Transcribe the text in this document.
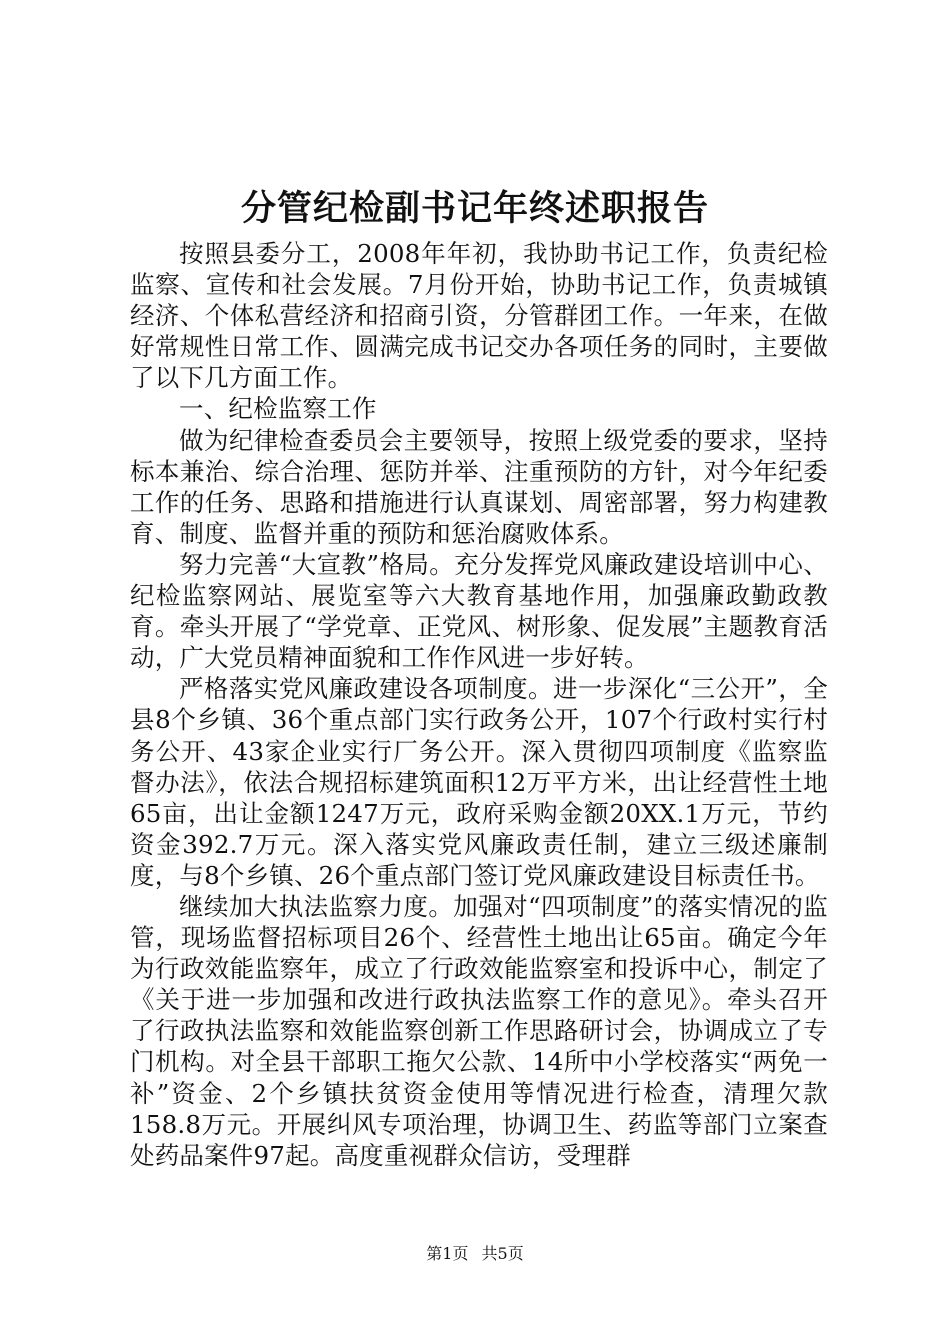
分管纪检副书记年终述职报告

按照县委分工，2008年年初，我协助书记工作，负责纪检监察、宣传和社会发展。7月份开始，协助书记工作，负责城镇经济、个体私营经济和招商引资，分管群团工作。一年来，在做好常规性日常工作、圆满完成书记交办各项任务的同时，主要做了以下几方面工作。

一、纪检监察工作

做为纪律检查委员会主要领导，按照上级党委的要求，坚持标本兼治、综合治理、惩防并举、注重预防的方针，对今年纪委工作的任务、思路和措施进行认真谋划、周密部署，努力构建教育、制度、监督并重的预防和惩治腐败体系。

努力完善“大宣教”格局。充分发挥党风廉政建设培训中心、纪检监察网站、展览室等六大教育基地作用，加强廉政勤政教育。牵头开展了“学党章、正党风、树形象、促发展”主题教育活动，广大党员精神面貌和工作作风进一步好转。

严格落实党风廉政建设各项制度。进一步深化“三公开”，全县8个乡镇、36个重点部门实行政务公开，107个行政村实行村务公开、43家企业实行厂务公开。深入贯彻四项制度《监察监督办法》，依法合规招标建筑面积12万平方米，出让经营性土地65亩，出让金额1247万元，政府采购金额20XX.1万元，节约资金392.7万元。深入落实党风廉政责任制，建立三级述廉制度，与8个乡镇、26个重点部门签订党风廉政建设目标责任书。

继续加大执法监察力度。加强对“四项制度”的落实情况的监管，现场监督招标项目26个、经营性土地出让65亩。确定今年为行政效能监察年，成立了行政效能监察室和投诉中心，制定了《关于进一步加强和改进行政执法监察工作的意见》。牵头召开了行政执法监察和效能监察创新工作思路研讨会，协调成立了专门机构。对全县干部职工拖欠公款、14所中小学校落实“两免一补”资金、2个乡镇扶贫资金使用等情况进行检查，清理欠款158.8万元。开展纠风专项治理，协调卫生、药监等部门立案查处药品案件97起。高度重视群众信访，受理群

第1页 共5页
